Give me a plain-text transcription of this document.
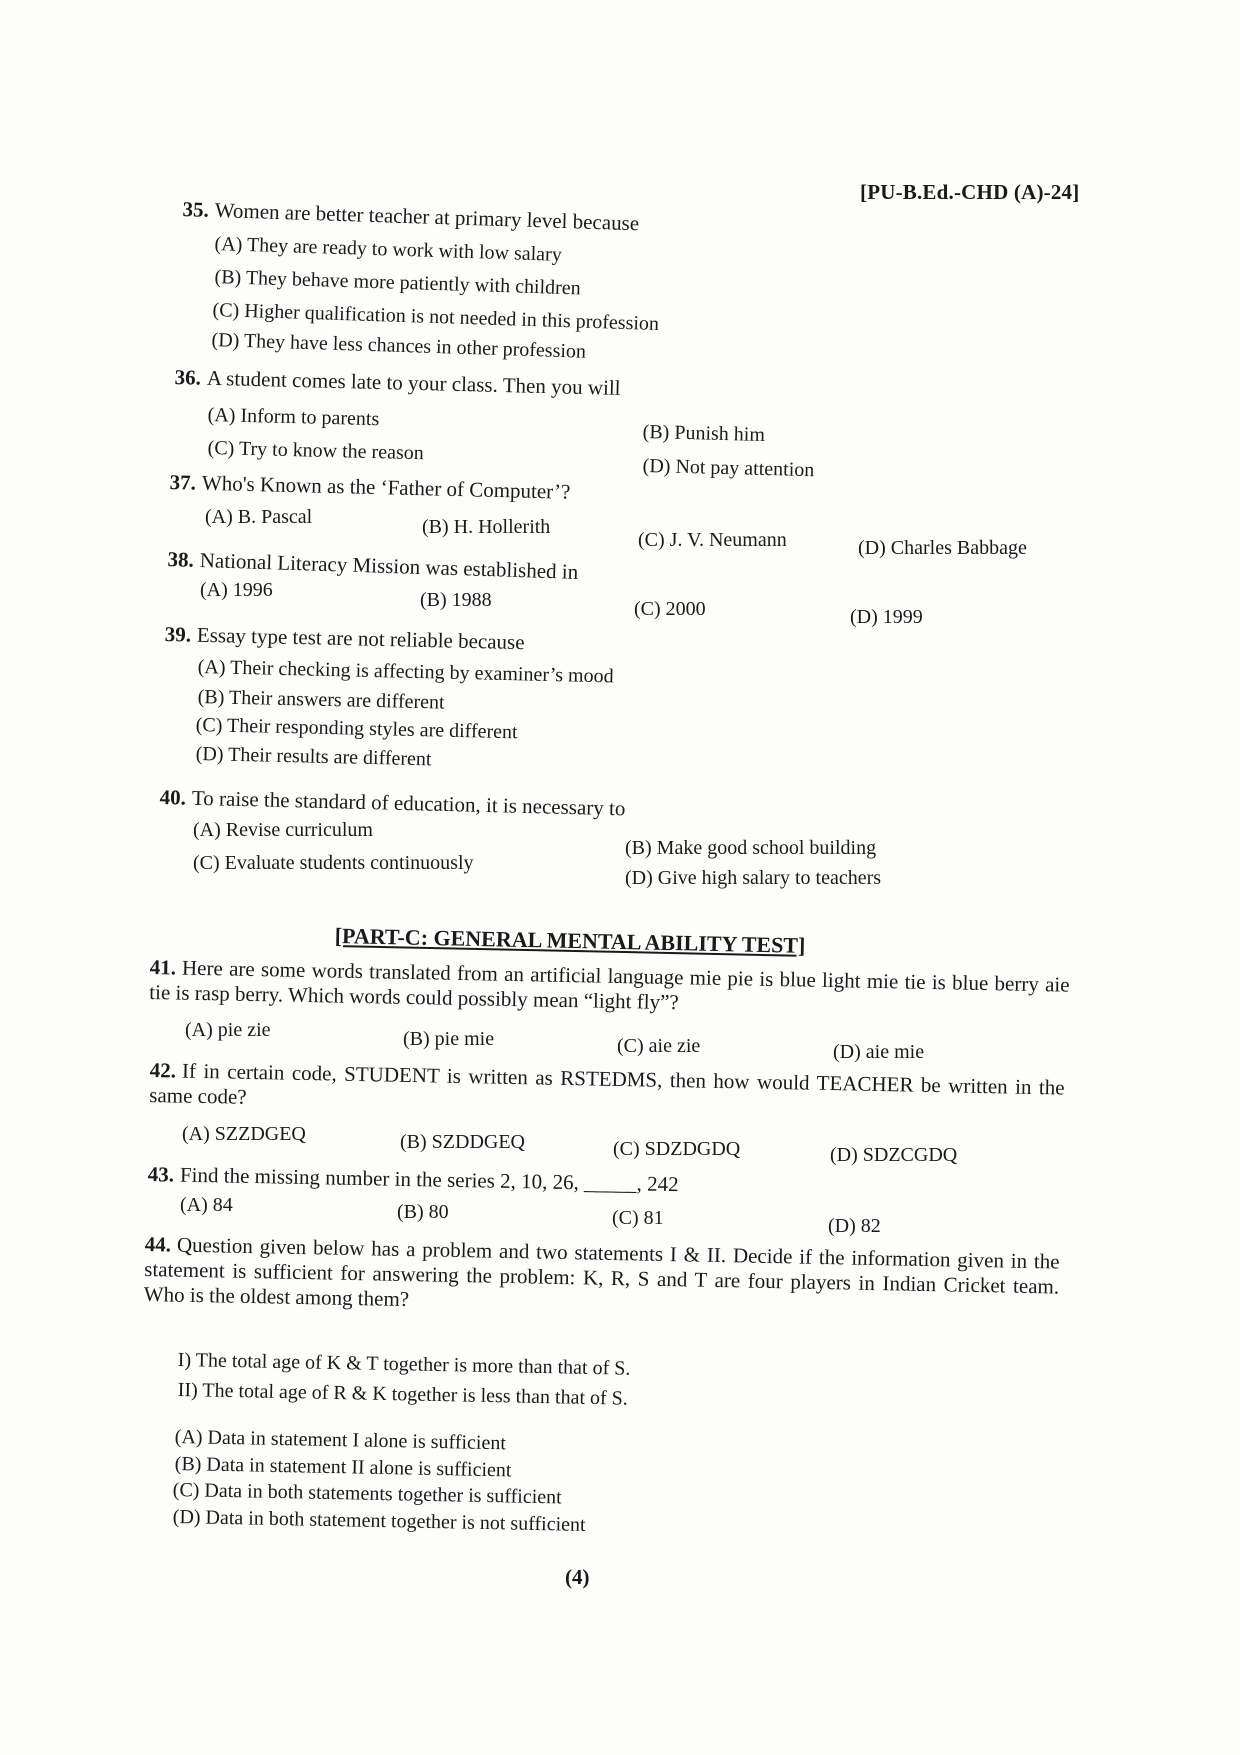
[PU-B.Ed.-CHD (A)-24]
35. Women are better teacher at primary level because
(A) They are ready to work with low salary
(B) They behave more patiently with children
(C) Higher qualification is not needed in this profession
(D) They have less chances in other profession
36. A student comes late to your class. Then you will
(A) Inform to parents
(B) Punish him
(C) Try to know the reason
(D) Not pay attention
37. Who's Known as the ‘Father of Computer’?
(A) B. Pascal	(B) H. Hollerith
(C) J. V. Neumann	(D) Charles Babbage
38. National Literacy Mission was established in
(A) 1996	(B) 1988	(C) 2000	(D) 1999
39. Essay type test are not reliable because
(A) Their checking is affecting by examiner’s mood
(B) Their answers are different
(C) Their responding styles are different
(D) Their results are different
40. To raise the standard of education, it is necessary to
(A) Revise curriculum
(B) Make good school building
(C) Evaluate students continuously
(D) Give high salary to teachers
[PART-C: GENERAL MENTAL ABILITY TEST]
41. Here are some words translated from an artificial language mie pie is blue light mie tie is blue berry aie tie is rasp berry. Which words could possibly mean “light fly”?
(A) pie zie	(B) pie mie	(C) aie zie	(D) aie mie
42. If in certain code, STUDENT is written as RSTEDMS, then how would TEACHER be written in the same code?
(A) SZZDGEQ	(B) SZDDGEQ	(C) SDZDGDQ	(D) SDZCGDQ
43. Find the missing number in the series 2, 10, 26, _____, 242
(A) 84	(B) 80	(C) 81	(D) 82
44. Question given below has a problem and two statements I & II. Decide if the information given in the statement is sufficient for answering the problem: K, R, S and T are four players in Indian Cricket team. Who is the oldest among them?
I) The total age of K & T together is more than that of S.
II) The total age of R & K together is less than that of S.
(A) Data in statement I alone is sufficient
(B) Data in statement II alone is sufficient
(C) Data in both statements together is sufficient
(D) Data in both statement together is not sufficient
(4)
